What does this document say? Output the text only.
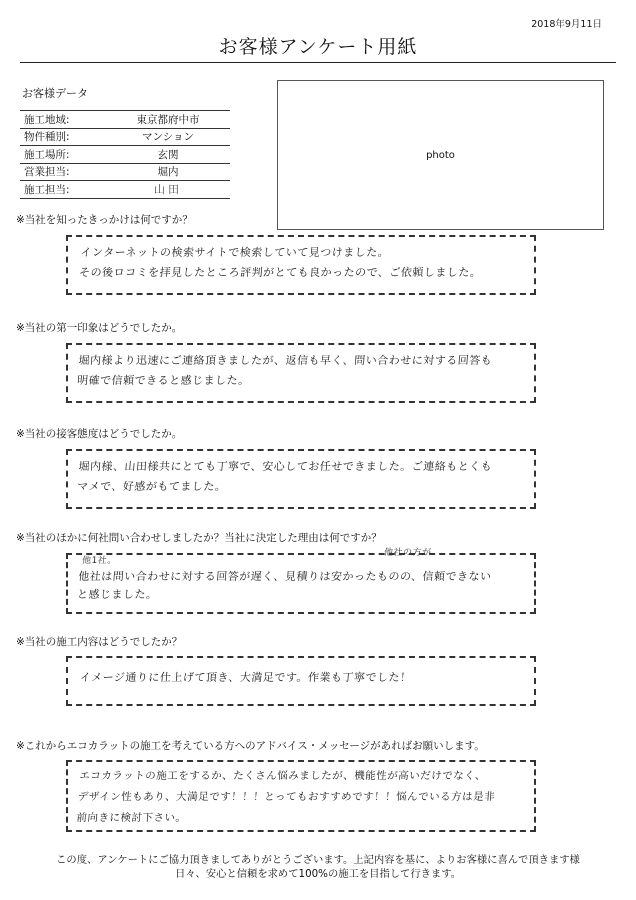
2018年9月11日
お客様アンケート用紙
お客様データ
施工地域:	東京都府中市
物件種別:	マンション
施工場所:	玄関
営業担当:	堀内
施工担当:	山田
photo
※当社を知ったきっかけは何ですか？
インターネットの検索サイトで検索していて見つけました。
その後ロコミを拝見したところ評判がとても良かったので、ご依頼しました。
※当社の第一印象はどうでしたか。
堀内様より迅速にご連絡頂きましたが、返信も早く、問い合わせに対する回答も
明確で信頼できると感じました。
※当社の接客態度はどうでしたか。
堀内様、山田様共にとても丁寧で、安心してお任せできました。ご連絡もとくも
マメで、好感がもてました。
※当社のほかに何社問い合わせしましたか？当社に決定した理由は何ですか？
他1社。
他社の方が
他社は問い合わせに対する回答が遅く、見積りは安かったものの、信頼できない
と感じました。
※当社の施工内容はどうでしたか？
イメージ通りに仕上げて頂き、大満足です。作業も丁寧でした！
※これからエコカラットの施工を考えている方へのアドバイス・メッセージがあればお願いします。
エコカラットの施工をするか、たくさん悩みましたが、機能性が高いだけでなく、
デザイン性もあり、大満足です！！！とってもおすすめです！！悩んでいる方は是非
前向きに検討下さい。
この度、アンケートにご協力頂きましてありがとうございます。上記内容を基に、よりお客様に喜んで頂きます様
日々、安心と信頼を求めて100%の施工を目指して行きます。
